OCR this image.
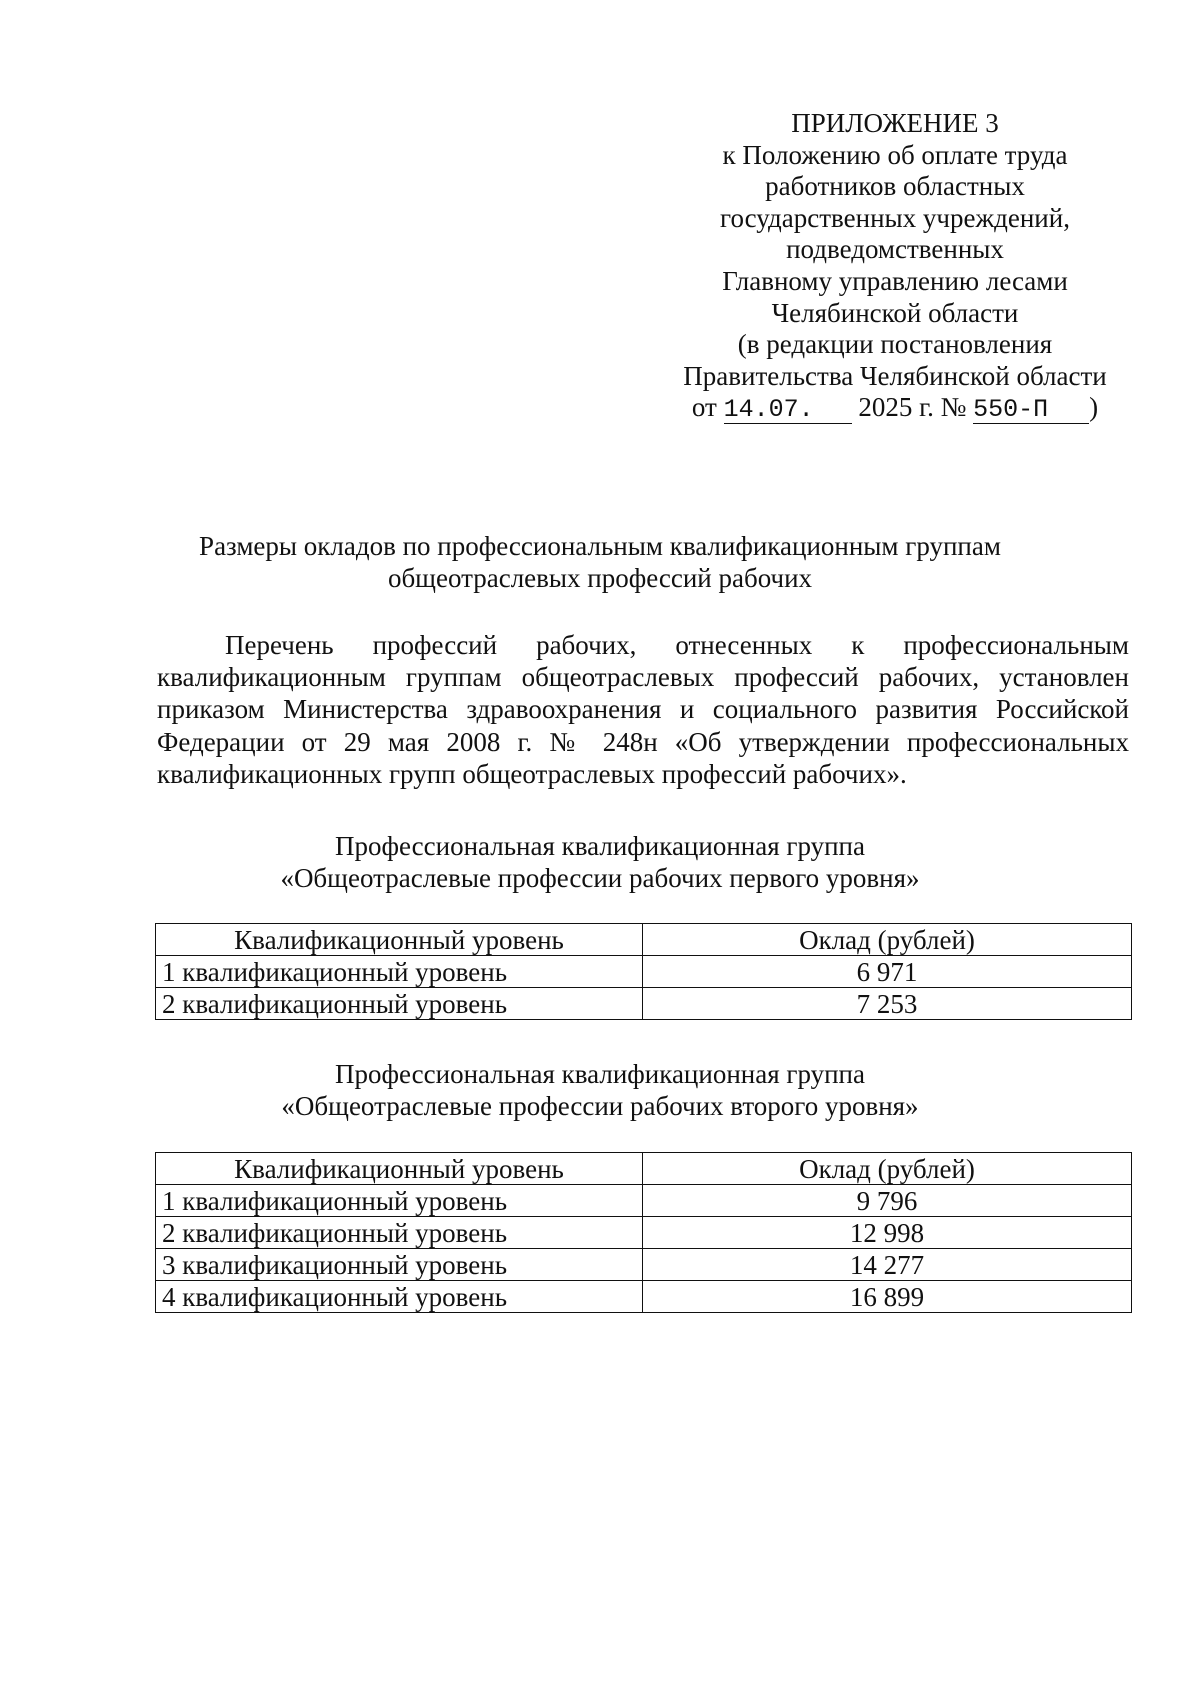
ПРИЛОЖЕНИЕ 3
к Положению об оплате труда
работников областных
государственных учреждений,
подведомственных
Главному управлению лесами
Челябинской области
(в редакции постановления
Правительства Челябинской области
от 14.07. 2025 г. № 550-П )
Размеры окладов по профессиональным квалификационным группам
общеотраслевых профессий рабочих

Перечень профессий рабочих, отнесенных к профессиональным квалификационным группам общеотраслевых профессий рабочих, установлен приказом Министерства здравоохранения и социального развития Российской Федерации от 29 мая 2008 г. № 248н «Об утверждении профессиональных квалификационных групп общеотраслевых профессий рабочих».

Профессиональная квалификационная группа
«Общеотраслевые профессии рабочих первого уровня»
Квалификационный уровень	Оклад (рублей)
1 квалификационный уровень	6 971
2 квалификационный уровень	7 253
Профессиональная квалификационная группа
«Общеотраслевые профессии рабочих второго уровня»
Квалификационный уровень	Оклад (рублей)
1 квалификационный уровень	9 796
2 квалификационный уровень	12 998
3 квалификационный уровень	14 277
4 квалификационный уровень	16 899
